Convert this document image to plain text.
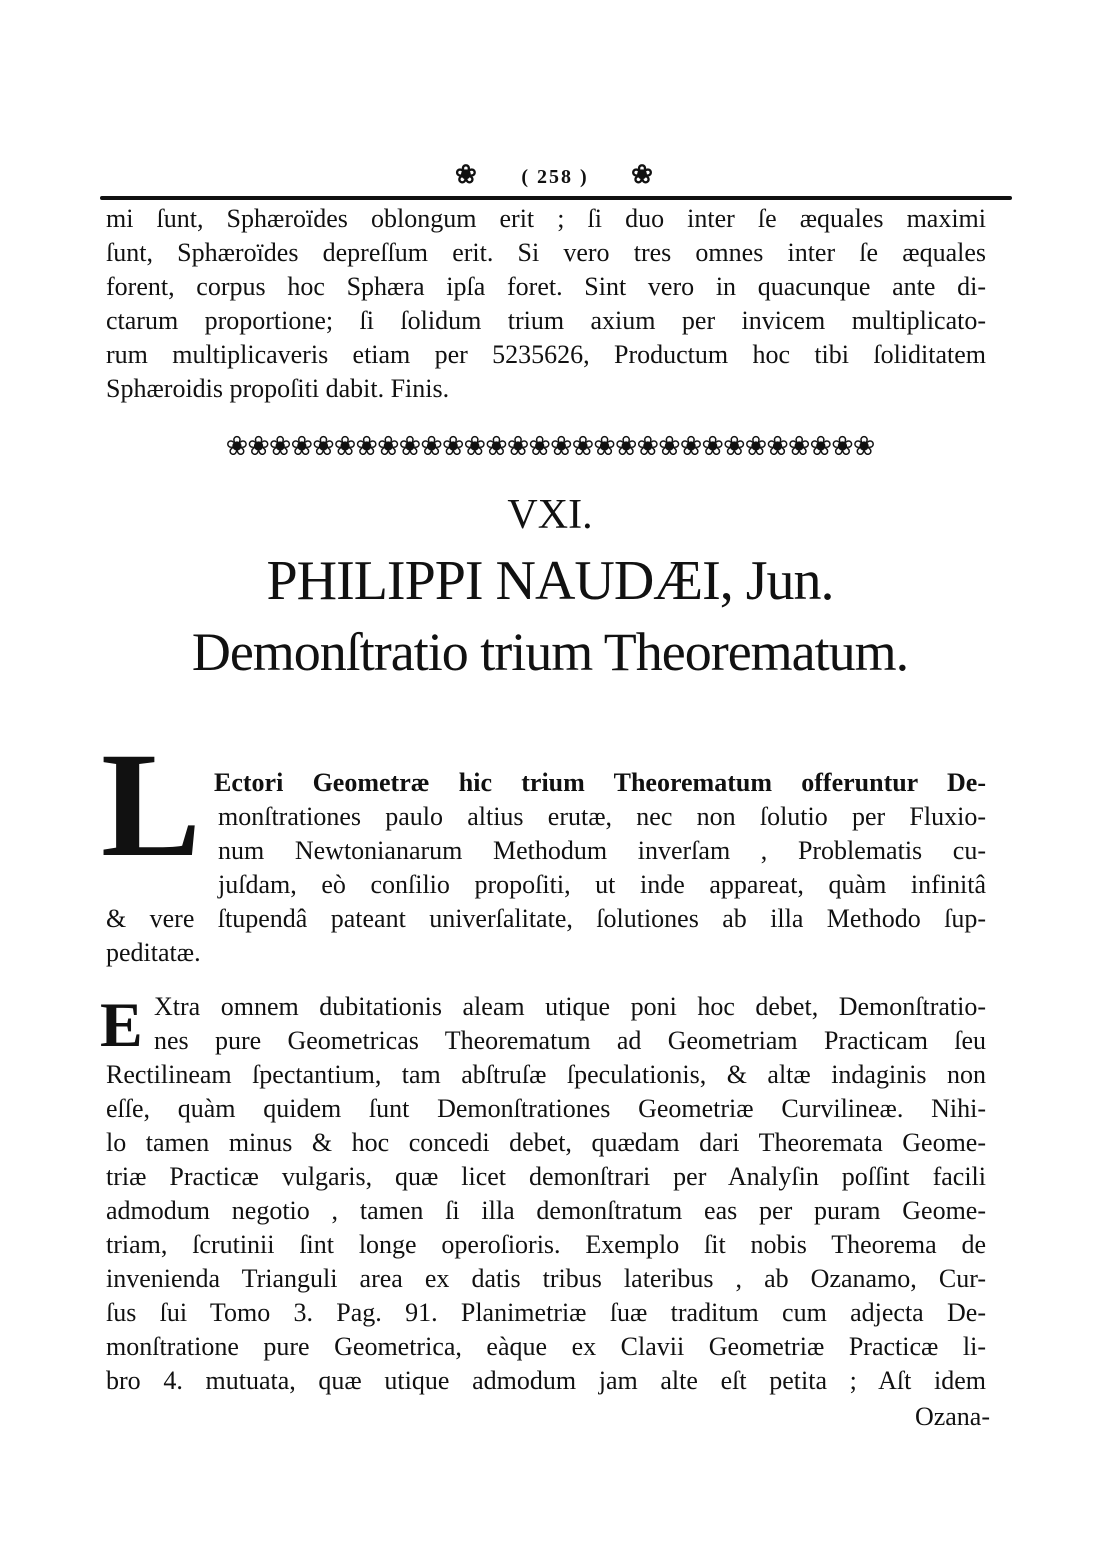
❀ ( 258 ) ❀
mi ſunt, Sphæroïdes oblongum erit ; ſi duo inter ſe æquales maximi
ſunt, Sphæroïdes depreſſum erit. Si vero tres omnes inter ſe æquales
forent, corpus hoc Sphæra ipſa foret. Sint vero in quacunque ante di-
ctarum proportione; ſi ſolidum trium axium per invicem multiplicato-
rum multiplicaveris etiam per 5235626, Productum hoc tibi ſoliditatem
Sphæroidis propoſiti dabit. Finis.
❀❀❀❀❀❀❀❀❀❀❀❀❀❀❀❀❀❀❀❀❀❀❀❀❀❀❀❀❀❀
VXI.
PHILIPPI NAUDÆI, Jun.
Demonſtratio trium Theorematum.
L Ectori Geometræ hic trium Theorematum offeruntur De-
monſtrationes paulo altius erutæ, nec non ſolutio per Fluxio-
num Newtonianarum Methodum inverſam , Problematis cu-
juſdam, eò conſilio propoſiti, ut inde appareat, quàm infinitâ
& vere ſtupendâ pateant univerſalitate, ſolutiones ab illa Methodo ſup-
peditatæ.
E Xtra omnem dubitationis aleam utique poni hoc debet, Demonſtratio-
nes pure Geometricas Theorematum ad Geometriam Practicam ſeu
Rectilineam ſpectantium, tam abſtruſæ ſpeculationis, & altæ indaginis non
eſſe, quàm quidem ſunt Demonſtrationes Geometriæ Curvilineæ. Nihi-
lo tamen minus & hoc concedi debet, quædam dari Theoremata Geome-
triæ Practicæ vulgaris, quæ licet demonſtrari per Analyſin poſſint facili
admodum negotio , tamen ſi illa demonſtratum eas per puram Geome-
triam, ſcrutinii ſint longe operoſioris. Exemplo ſit nobis Theorema de
invenienda Trianguli area ex datis tribus lateribus , ab Ozanamo, Cur-
ſus ſui Tomo 3. Pag. 91. Planimetriæ ſuæ traditum cum adjecta De-
monſtratione pure Geometrica, eàque ex Clavii Geometriæ Practicæ li-
bro 4. mutuata, quæ utique admodum jam alte eſt petita ; Aſt idem
Ozana-
